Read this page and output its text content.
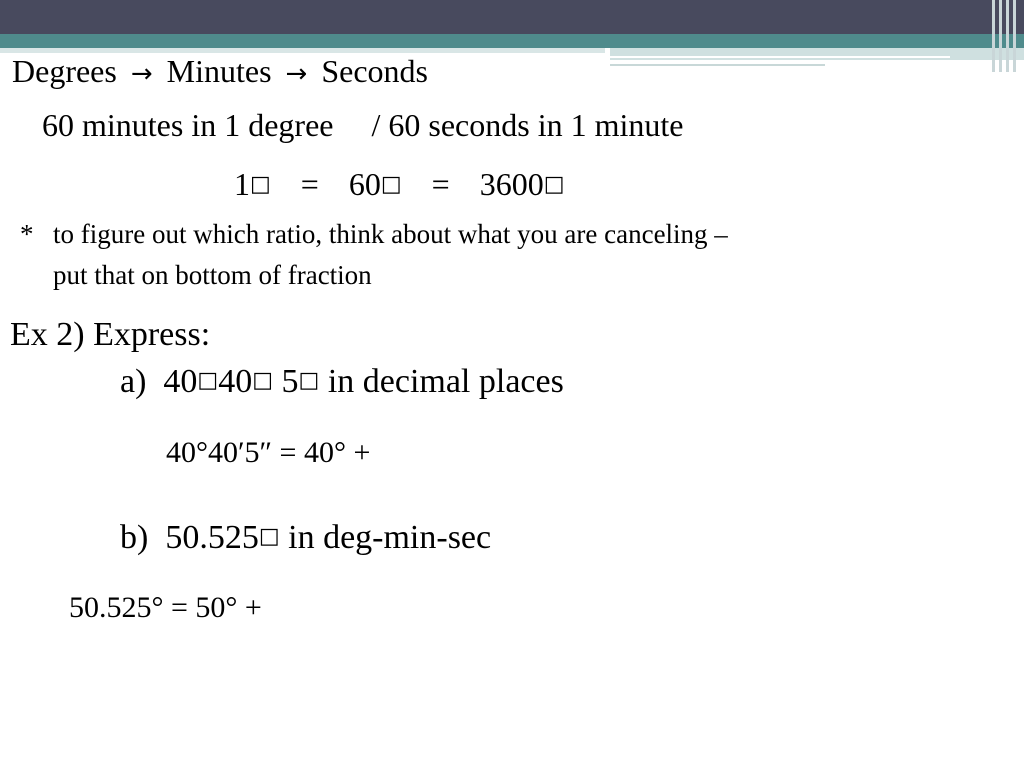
Degrees → Minutes → Seconds
60 minutes in 1 degree / 60 seconds in 1 minute
1□ = 60□ = 3600□
* to figure out which ratio, think about what you are canceling –
put that on bottom of fraction
Ex 2) Express:
a) 40□40□ 5□ in decimal places
40°40′5″ = 40° +
b) 50.525□ in deg-min-sec
50.525° = 50° +
